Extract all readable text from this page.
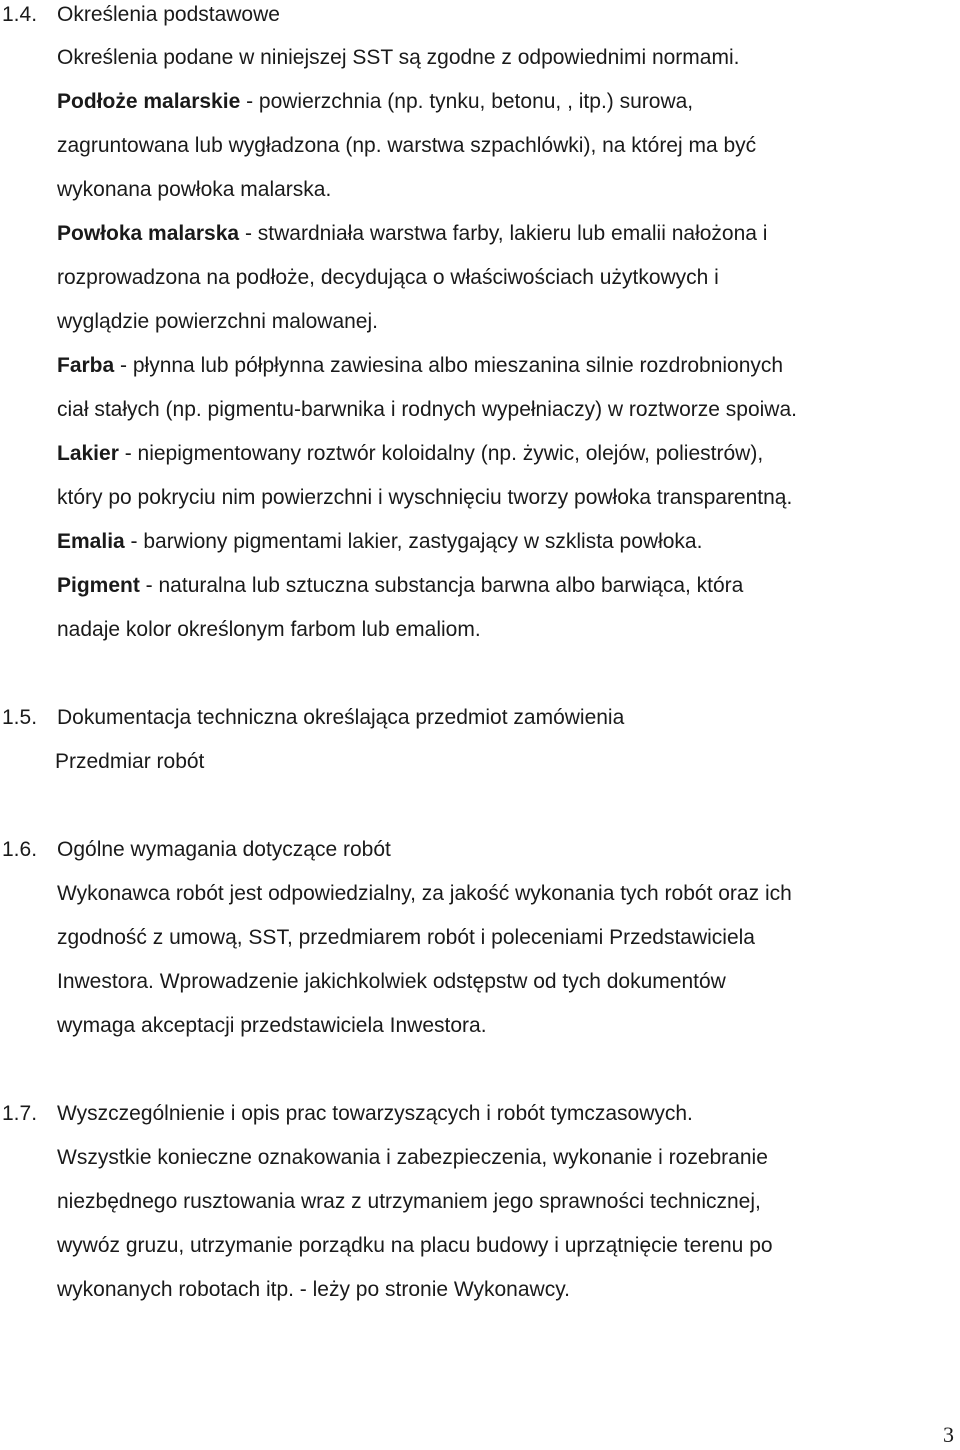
1.4. Określenia podstawowe
Określenia podane w niniejszej SST są zgodne z odpowiednimi normami.
Podłoże malarskie - powierzchnia (np. tynku, betonu, , itp.) surowa,
zagruntowana lub wygładzona (np. warstwa szpachlówki), na której ma być
wykonana powłoka malarska.
Powłoka malarska - stwardniała warstwa farby, lakieru lub emalii nałożona i
rozprowadzona na podłoże, decydująca o właściwościach użytkowych i
wyglądzie powierzchni malowanej.
Farba - płynna lub półpłynna zawiesina albo mieszanina silnie rozdrobnionych
ciał stałych (np. pigmentu-barwnika i rodnych wypełniaczy) w roztworze spoiwa.
Lakier - niepigmentowany roztwór koloidalny (np. żywic, olejów, poliestrów),
który po pokryciu nim powierzchni i wyschnięciu tworzy powłoka transparentną.
Emalia - barwiony pigmentami lakier, zastygający w szklista powłoka.
Pigment - naturalna lub sztuczna substancja barwna albo barwiąca, która
nadaje kolor określonym farbom lub emaliom.
1.5. Dokumentacja techniczna określająca przedmiot zamówienia
Przedmiar robót
1.6. Ogólne wymagania dotyczące robót
Wykonawca robót jest odpowiedzialny, za jakość wykonania tych robót oraz ich
zgodność z umową, SST, przedmiarem robót i poleceniami Przedstawiciela
Inwestora. Wprowadzenie jakichkolwiek odstępstw od tych dokumentów
wymaga akceptacji przedstawiciela Inwestora.
1.7. Wyszczególnienie i opis prac towarzyszących i robót tymczasowych.
Wszystkie konieczne oznakowania i zabezpieczenia, wykonanie i rozebranie
niezbędnego rusztowania wraz z utrzymaniem jego sprawności technicznej,
wywóz gruzu, utrzymanie porządku na placu budowy i uprzątnięcie terenu po
wykonanych robotach itp. - leży po stronie Wykonawcy.
3
